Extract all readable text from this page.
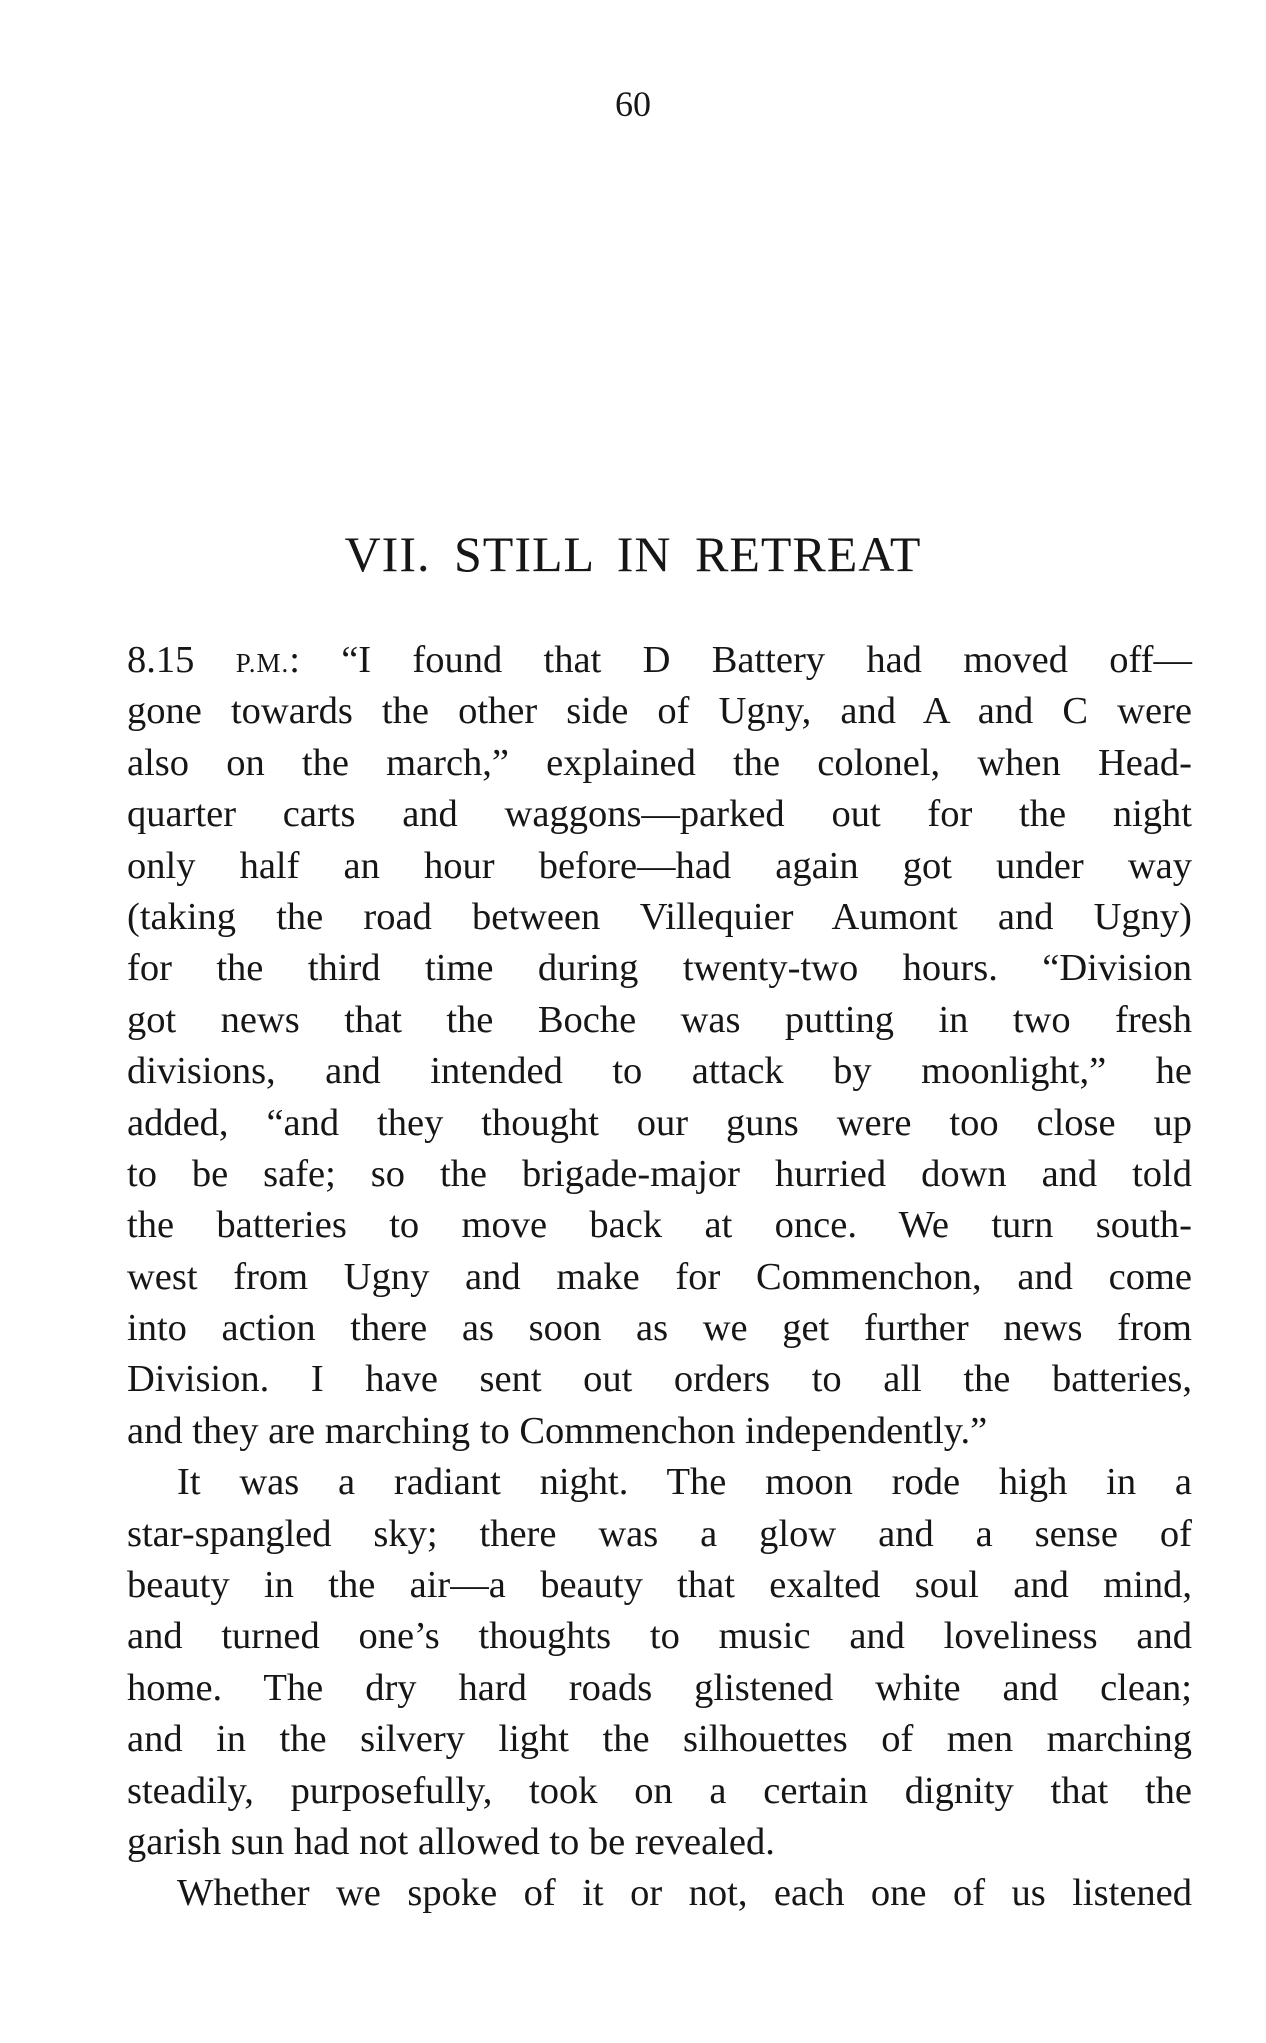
60
VII. STILL IN RETREAT
8.15 P.M.: “I found that D Battery had moved off—
gone towards the other side of Ugny, and A and C were
also on the march,” explained the colonel, when Head-
quarter carts and waggons—parked out for the night
only half an hour before—had again got under way
(taking the road between Villequier Aumont and Ugny)
for the third time during twenty-two hours. “Division
got news that the Boche was putting in two fresh
divisions, and intended to attack by moonlight,” he
added, “and they thought our guns were too close up
to be safe; so the brigade-major hurried down and told
the batteries to move back at once. We turn south-
west from Ugny and make for Commenchon, and come
into action there as soon as we get further news from
Division. I have sent out orders to all the batteries,
and they are marching to Commenchon independently.”
It was a radiant night. The moon rode high in a
star-spangled sky; there was a glow and a sense of
beauty in the air—a beauty that exalted soul and mind,
and turned one’s thoughts to music and loveliness and
home. The dry hard roads glistened white and clean;
and in the silvery light the silhouettes of men marching
steadily, purposefully, took on a certain dignity that the
garish sun had not allowed to be revealed.
Whether we spoke of it or not, each one of us listened
